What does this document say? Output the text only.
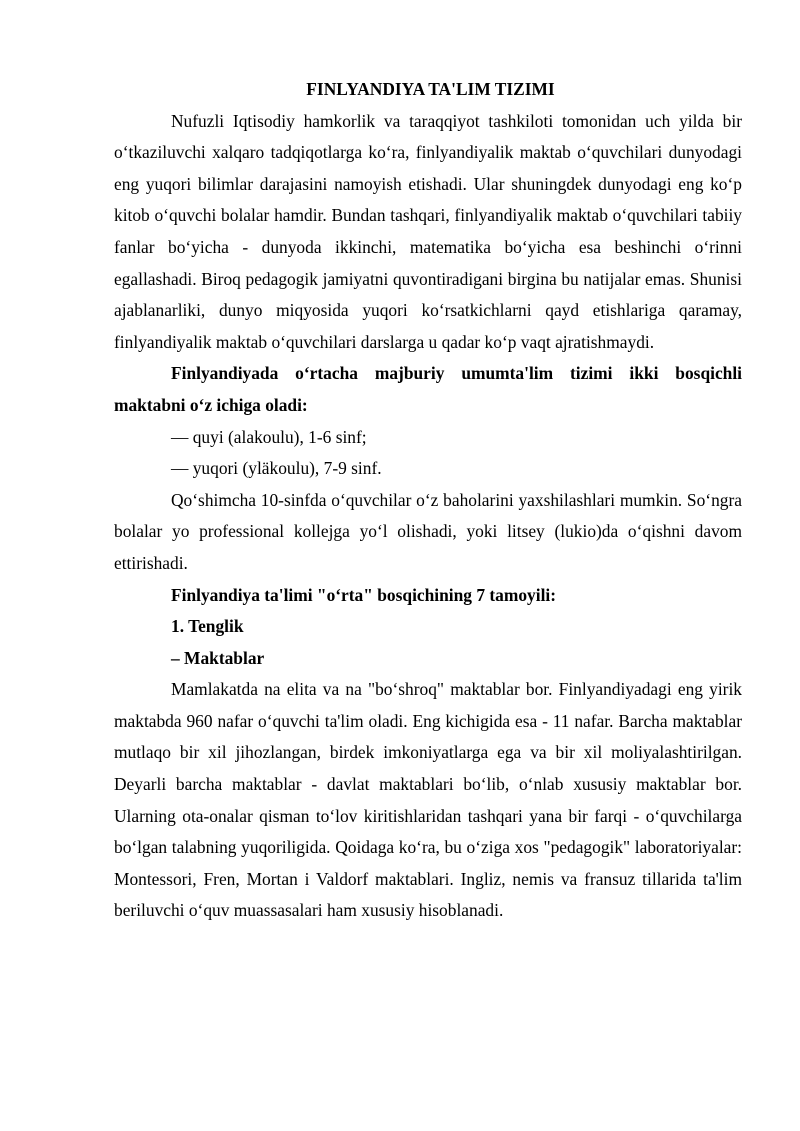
FINLYANDIYA TA'LIM TIZIMI

Nufuzli Iqtisodiy hamkorlik va taraqqiyot tashkiloti tomonidan uch yilda bir o‘tkaziluvchi xalqaro tadqiqotlarga ko‘ra, finlyandiyalik maktab o‘quvchilari dunyodagi eng yuqori bilimlar darajasini namoyish etishadi. Ular shuningdek dunyodagi eng ko‘p kitob o‘quvchi bolalar hamdir. Bundan tashqari, finlyandiyalik maktab o‘quvchilari tabiiy fanlar bo‘yicha - dunyoda ikkinchi, matematika bo‘yicha esa beshinchi o‘rinni egallashadi. Biroq pedagogik jamiyatni quvontiradigani birgina bu natijalar emas. Shunisi ajablanarliki, dunyo miqyosida yuqori ko‘rsatkichlarni qayd etishlariga qaramay, finlyandiyalik maktab o‘quvchilari darslarga u qadar ko‘p vaqt ajratishmaydi.

Finlyandiyada o‘rtacha majburiy umumta'lim tizimi ikki bosqichli maktabni o‘z ichiga oladi:

— quyi (alakoulu), 1-6 sinf;

— yuqori (yläkoulu), 7-9 sinf.

Qo‘shimcha 10-sinfda o‘quvchilar o‘z baholarini yaxshilashlari mumkin. So‘ngra bolalar yo professional kollejga yo‘l olishadi, yoki litsey (lukio)da o‘qishni davom ettirishadi.

Finlyandiya ta'limi "o‘rta" bosqichining 7 tamoyili:

1. Tenglik

– Maktablar

Mamlakatda na elita va na "bo‘shroq" maktablar bor. Finlyandiyadagi eng yirik maktabda 960 nafar o‘quvchi ta'lim oladi. Eng kichigida esa - 11 nafar. Barcha maktablar mutlaqo bir xil jihozlangan, birdek imkoniyatlarga ega va bir xil moliyalashtirilgan. Deyarli barcha maktablar - davlat maktablari bo‘lib, o‘nlab xususiy maktablar bor. Ularning ota-onalar qisman to‘lov kiritishlaridan tashqari yana bir farqi - o‘quvchilarga bo‘lgan talabning yuqoriligida. Qoidaga ko‘ra, bu o‘ziga xos "pedagogik" laboratoriyalar: Montessori, Fren, Mortan i Valdorf maktablari. Ingliz, nemis va fransuz tillarida ta'lim beriluvchi o‘quv muassasalari ham xususiy hisoblanadi.
